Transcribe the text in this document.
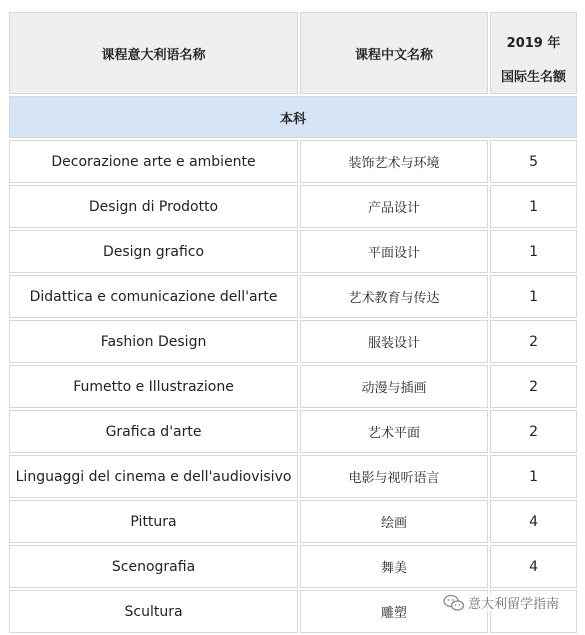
课程意大利语名称	课程中文名称	2019 年
国际生名额

本科		
Decorazione arte e ambiente	装饰艺术与环境	5
Design di Prodotto	产品设计	1
Design grafico	平面设计	1
Didattica e comunicazione dell'arte	艺术教育与传达	1
Fashion Design	服装设计	2
Fumetto e Illustrazione	动漫与插画	2
Grafica d'arte	艺术平面	2
Linguaggi del cinema e dell'audiovisivo	电影与视听语言	1
Pittura	绘画	4
Scenografia	舞美	4
Scultura	雕塑	
意大利留学指南
